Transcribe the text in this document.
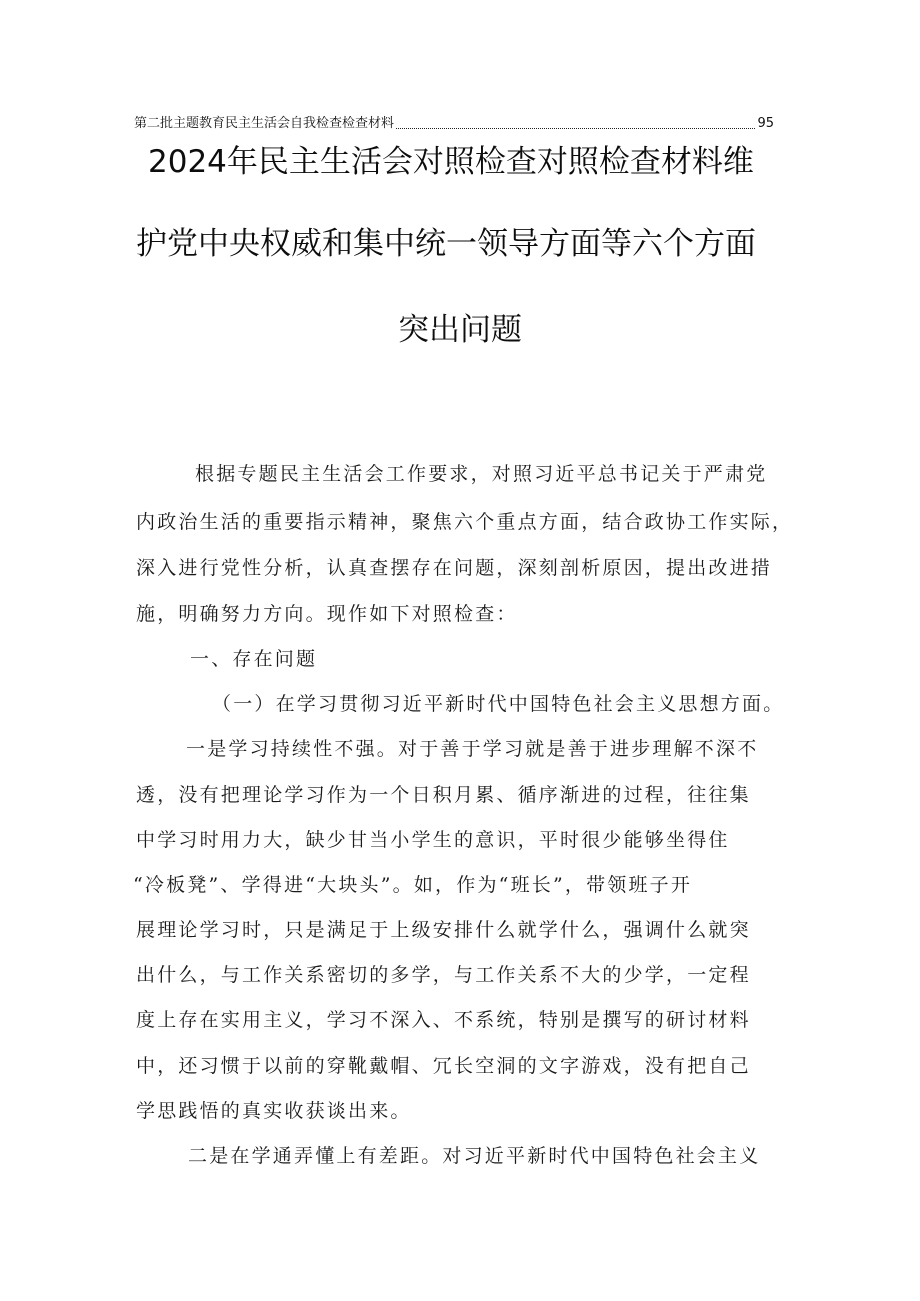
第二批主题教育民主生活会自我检查检查材料	95
2024年民主生活会对照检查对照检查材料维
护党中央权威和集中统一领导方面等六个方面
突出问题
根据专题民主生活会工作要求，对照习近平总书记关于严肃党
内政治生活的重要指示精神，聚焦六个重点方面，结合政协工作实际，
深入进行党性分析，认真查摆存在问题，深刻剖析原因，提出改进措
施，明确努力方向。现作如下对照检查：
一、存在问题
（一）在学习贯彻习近平新时代中国特色社会主义思想方面。
一是学习持续性不强。对于善于学习就是善于进步理解不深不
透，没有把理论学习作为一个日积月累、循序渐进的过程，往往集
中学习时用力大，缺少甘当小学生的意识，平时很少能够坐得住
“冷板凳”、学得进“大块头”。如，作为“班长”，带领班子开
展理论学习时，只是满足于上级安排什么就学什么，强调什么就突
出什么，与工作关系密切的多学，与工作关系不大的少学，一定程
度上存在实用主义，学习不深入、不系统，特别是撰写的研讨材料
中，还习惯于以前的穿靴戴帽、冗长空洞的文字游戏，没有把自己
学思践悟的真实收获谈出来。
二是在学通弄懂上有差距。对习近平新时代中国特色社会主义
